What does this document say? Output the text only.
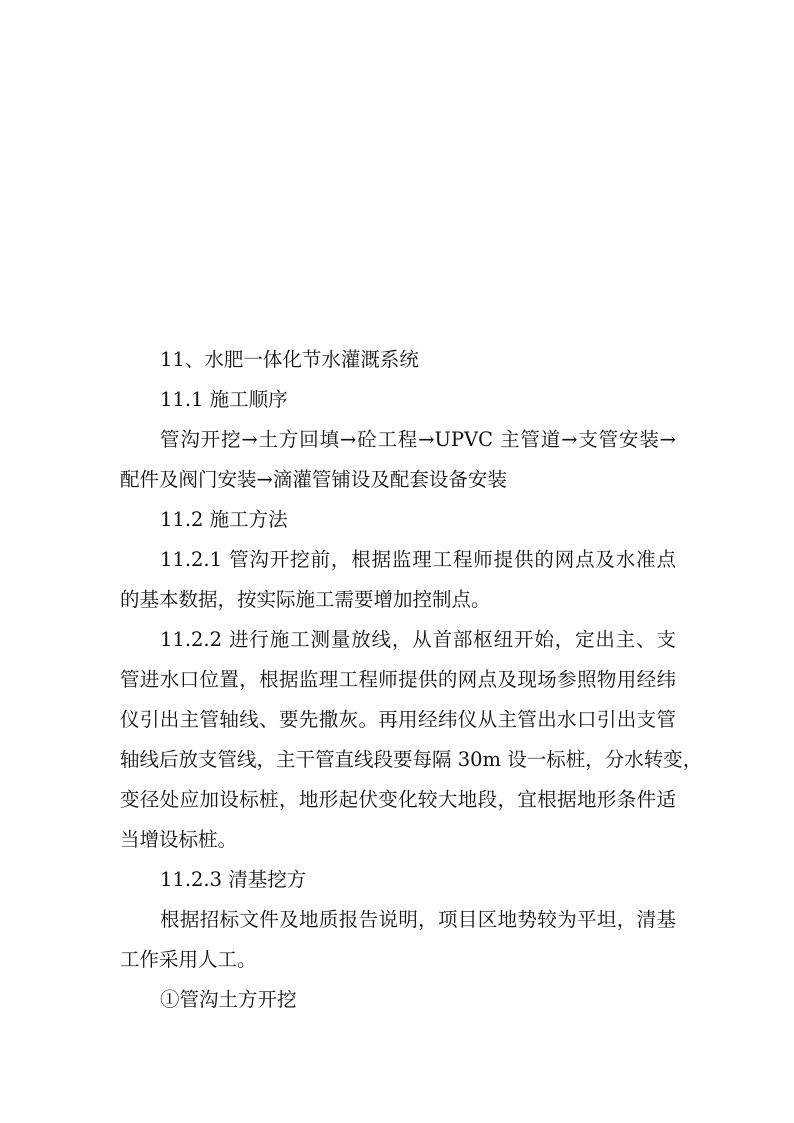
11、水肥一体化节水灌溉系统

11.1 施工顺序

管沟开挖→土方回填→砼工程→UPVC 主管道→支管安装→
配件及阀门安装→滴灌管铺设及配套设备安装

11.2 施工方法

11.2.1 管沟开挖前，根据监理工程师提供的网点及水准点
的基本数据，按实际施工需要增加控制点。
11.2.2 进行施工测量放线，从首部枢纽开始，定出主、支
管进水口位置，根据监理工程师提供的网点及现场参照物用经纬
仪引出主管轴线、要先撒灰。再用经纬仪从主管出水口引出支管
轴线后放支管线，主干管直线段要每隔 30m 设一标桩，分水转变，
变径处应加设标桩，地形起伏变化较大地段，宜根据地形条件适
当增设标桩。

11.2.3 清基挖方

根据招标文件及地质报告说明，项目区地势较为平坦，清基
工作采用人工。

①管沟土方开挖
